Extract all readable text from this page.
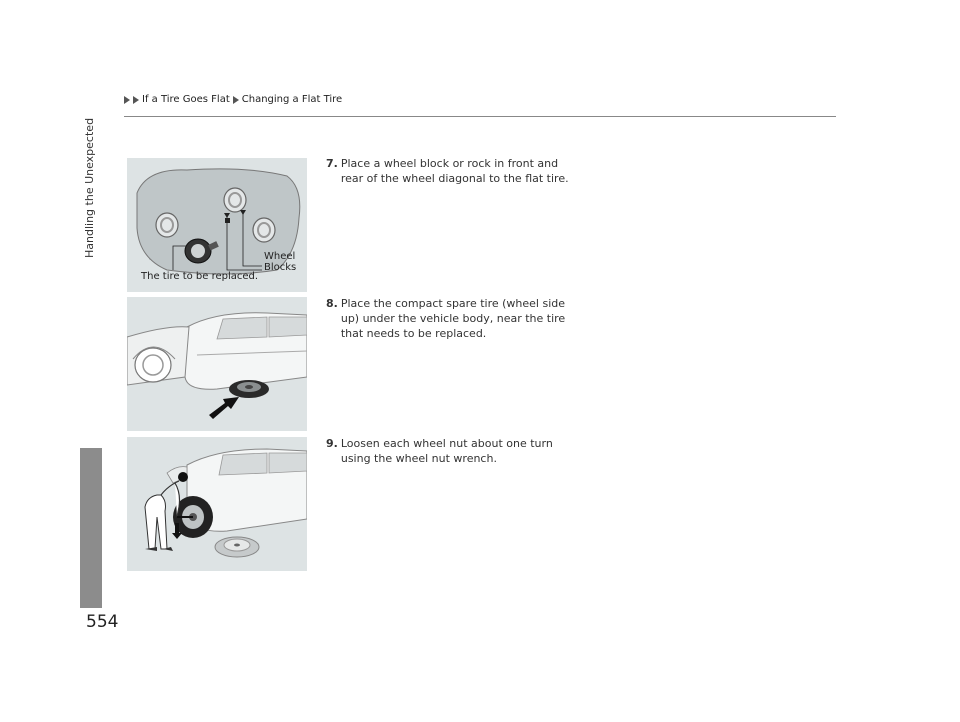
If a Tire Goes Flat Changing a Flat Tire
Handling the Unexpected
554
The tire to be replaced.
Wheel
Blocks
7. Place a wheel block or rock in front and rear of the wheel diagonal to the flat tire.
8. Place the compact spare tire (wheel side up) under the vehicle body, near the tire that needs to be replaced.
9. Loosen each wheel nut about one turn using the wheel nut wrench.
